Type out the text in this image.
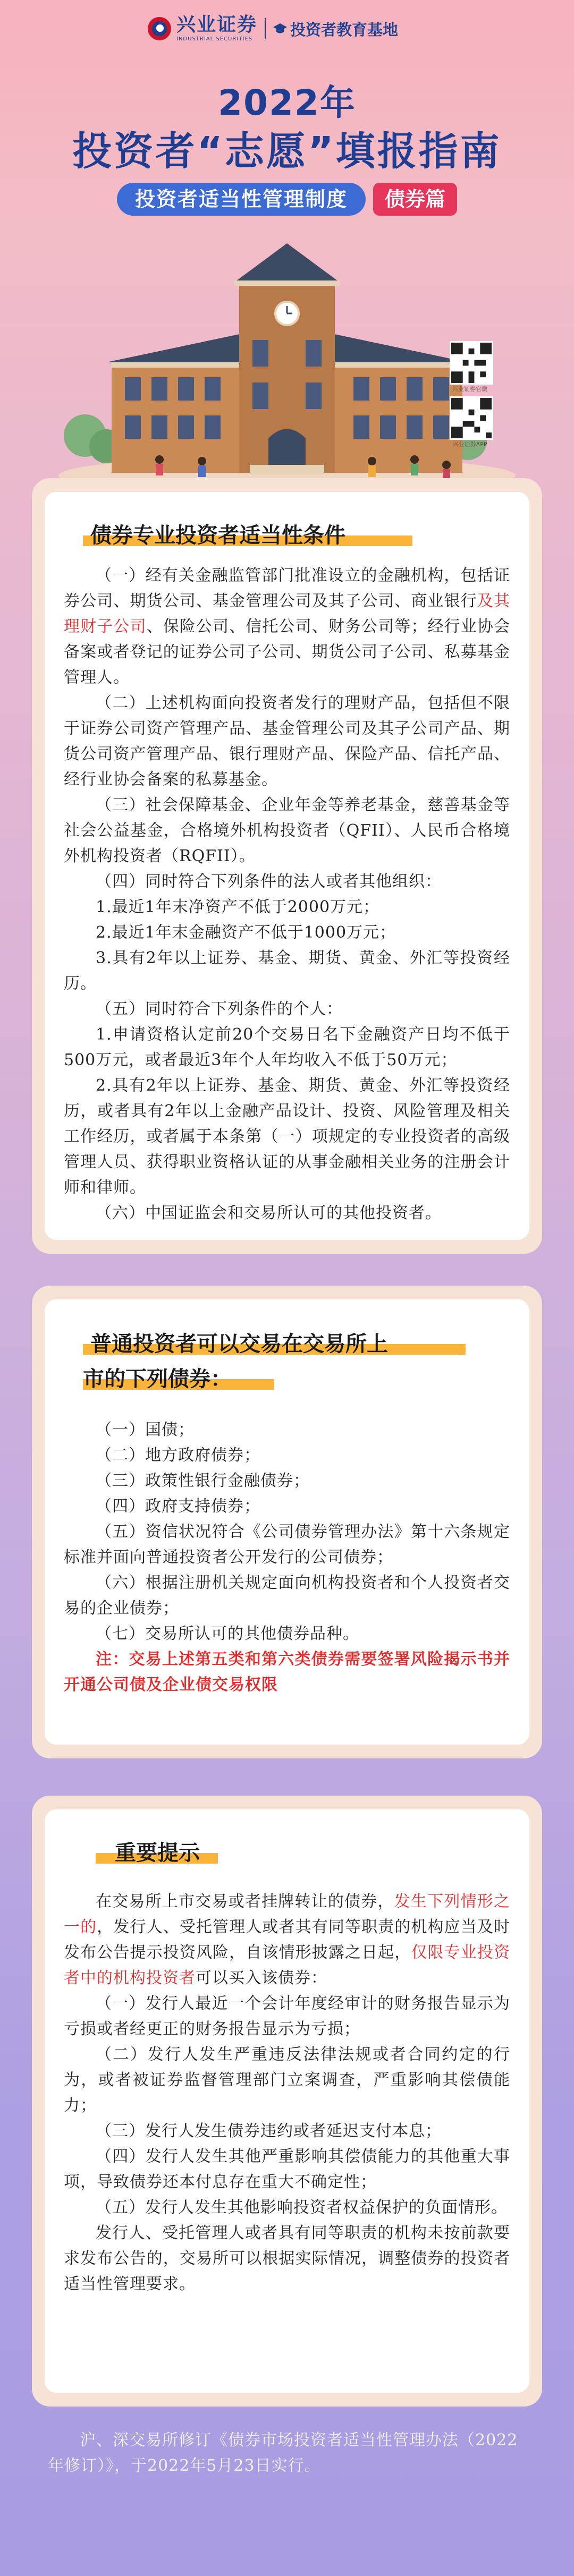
兴业证券
INDUSTRIAL SECURITIES
投资者教育基地
2022年
投资者“志愿”填报指南
投资者适当性管理制度	债券篇
兴业证券官微
兴业证券APP
债券专业投资者适当性条件

（一）经有关金融监管部门批准设立的金融机构，包括证券公司、期货公司、基金管理公司及其子公司、商业银行及其理财子公司、保险公司、信托公司、财务公司等；经行业协会备案或者登记的证券公司子公司、期货公司子公司、私募基金管理人。

（二）上述机构面向投资者发行的理财产品，包括但不限于证券公司资产管理产品、基金管理公司及其子公司产品、期货公司资产管理产品、银行理财产品、保险产品、信托产品、经行业协会备案的私募基金。

（三）社会保障基金、企业年金等养老基金，慈善基金等社会公益基金，合格境外机构投资者（QFII）、人民币合格境外机构投资者（RQFII）。

（四）同时符合下列条件的法人或者其他组织：

1.最近1年末净资产不低于2000万元；

2.最近1年末金融资产不低于1000万元；

3.具有2年以上证券、基金、期货、黄金、外汇等投资经历。

（五）同时符合下列条件的个人：

1.申请资格认定前20个交易日名下金融资产日均不低于500万元，或者最近3年个人年均收入不低于50万元；

2.具有2年以上证券、基金、期货、黄金、外汇等投资经历，或者具有2年以上金融产品设计、投资、风险管理及相关工作经历，或者属于本条第（一）项规定的专业投资者的高级管理人员、获得职业资格认证的从事金融相关业务的注册会计师和律师。

（六）中国证监会和交易所认可的其他投资者。

普通投资者可以交易在交易所上
市的下列债券：

（一）国债；

（二）地方政府债券；

（三）政策性银行金融债券；

（四）政府支持债券；

（五）资信状况符合《公司债券管理办法》第十六条规定标准并面向普通投资者公开发行的公司债券；

（六）根据注册机关规定面向机构投资者和个人投资者交易的企业债券；

（七）交易所认可的其他债券品种。

注：交易上述第五类和第六类债券需要签署风险揭示书并开通公司债及企业债交易权限

重要提示

在交易所上市交易或者挂牌转让的债券，发生下列情形之一的，发行人、受托管理人或者其有同等职责的机构应当及时发布公告提示投资风险，自该情形披露之日起，仅限专业投资者中的机构投资者可以买入该债券：

（一）发行人最近一个会计年度经审计的财务报告显示为亏损或者经更正的财务报告显示为亏损；

（二）发行人发生严重违反法律法规或者合同约定的行为，或者被证券监督管理部门立案调查，严重影响其偿债能力；

（三）发行人发生债券违约或者延迟支付本息；

（四）发行人发生其他严重影响其偿债能力的其他重大事项，导致债券还本付息存在重大不确定性；

（五）发行人发生其他影响投资者权益保护的负面情形。

发行人、受托管理人或者具有同等职责的机构未按前款要求发布公告的，交易所可以根据实际情况，调整债券的投资者适当性管理要求。

沪、深交易所修订《债券市场投资者适当性管理办法（2022年修订）》，于2022年5月23日实行。
